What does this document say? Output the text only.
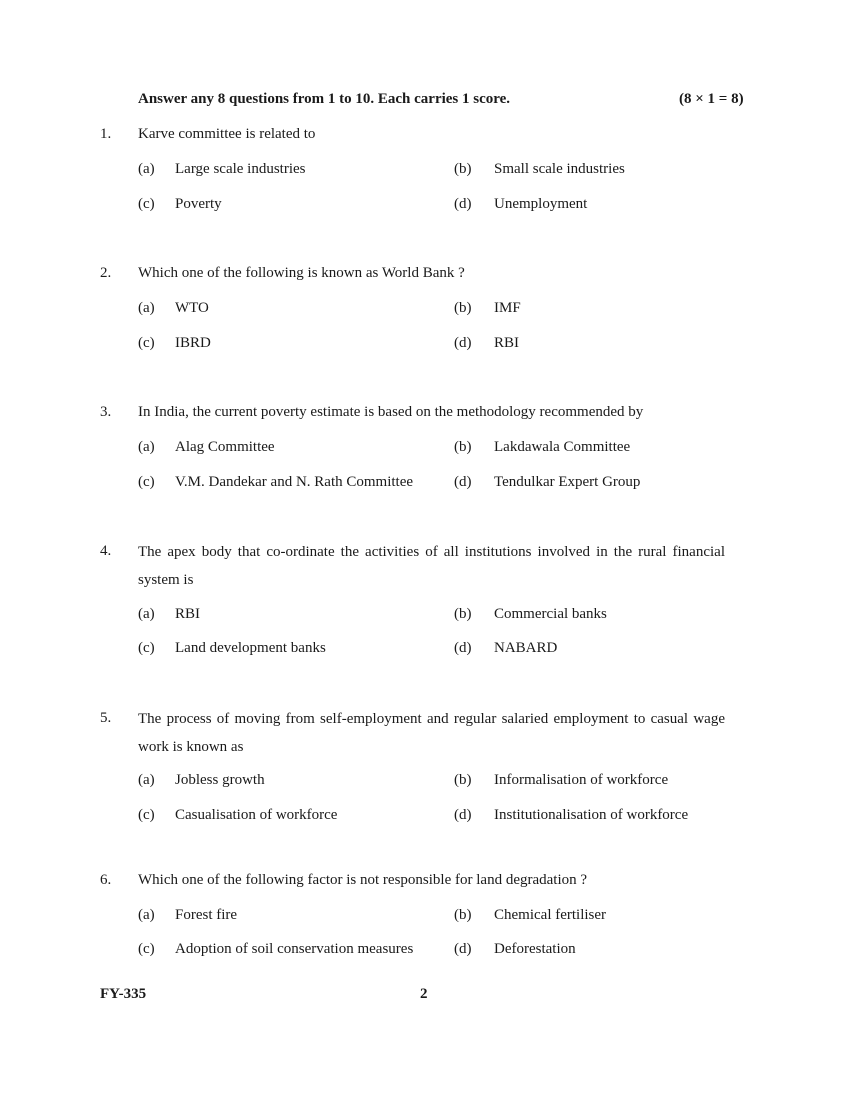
Answer any 8 questions from 1 to 10. Each carries 1 score.	(8 × 1 = 8)
1. Karve committee is related to
(a) Large scale industries	(b) Small scale industries
(c) Poverty	(d) Unemployment
2. Which one of the following is known as World Bank ?
(a) WTO	(b) IMF
(c) IBRD	(d) RBI
3. In India, the current poverty estimate is based on the methodology recommended by
(a) Alag Committee	(b) Lakdawala Committee
(c) V.M. Dandekar and N. Rath Committee	(d) Tendulkar Expert Group
4. The apex body that co-ordinate the activities of all institutions involved in the rural financial system is
(a) RBI	(b) Commercial banks
(c) Land development banks	(d) NABARD
5. The process of moving from self-employment and regular salaried employment to casual wage work is known as
(a) Jobless growth	(b) Informalisation of workforce
(c) Casualisation of workforce	(d) Institutionalisation of workforce
6. Which one of the following factor is not responsible for land degradation ?
(a) Forest fire	(b) Chemical fertiliser
(c) Adoption of soil conservation measures	(d) Deforestation
FY-335	2
